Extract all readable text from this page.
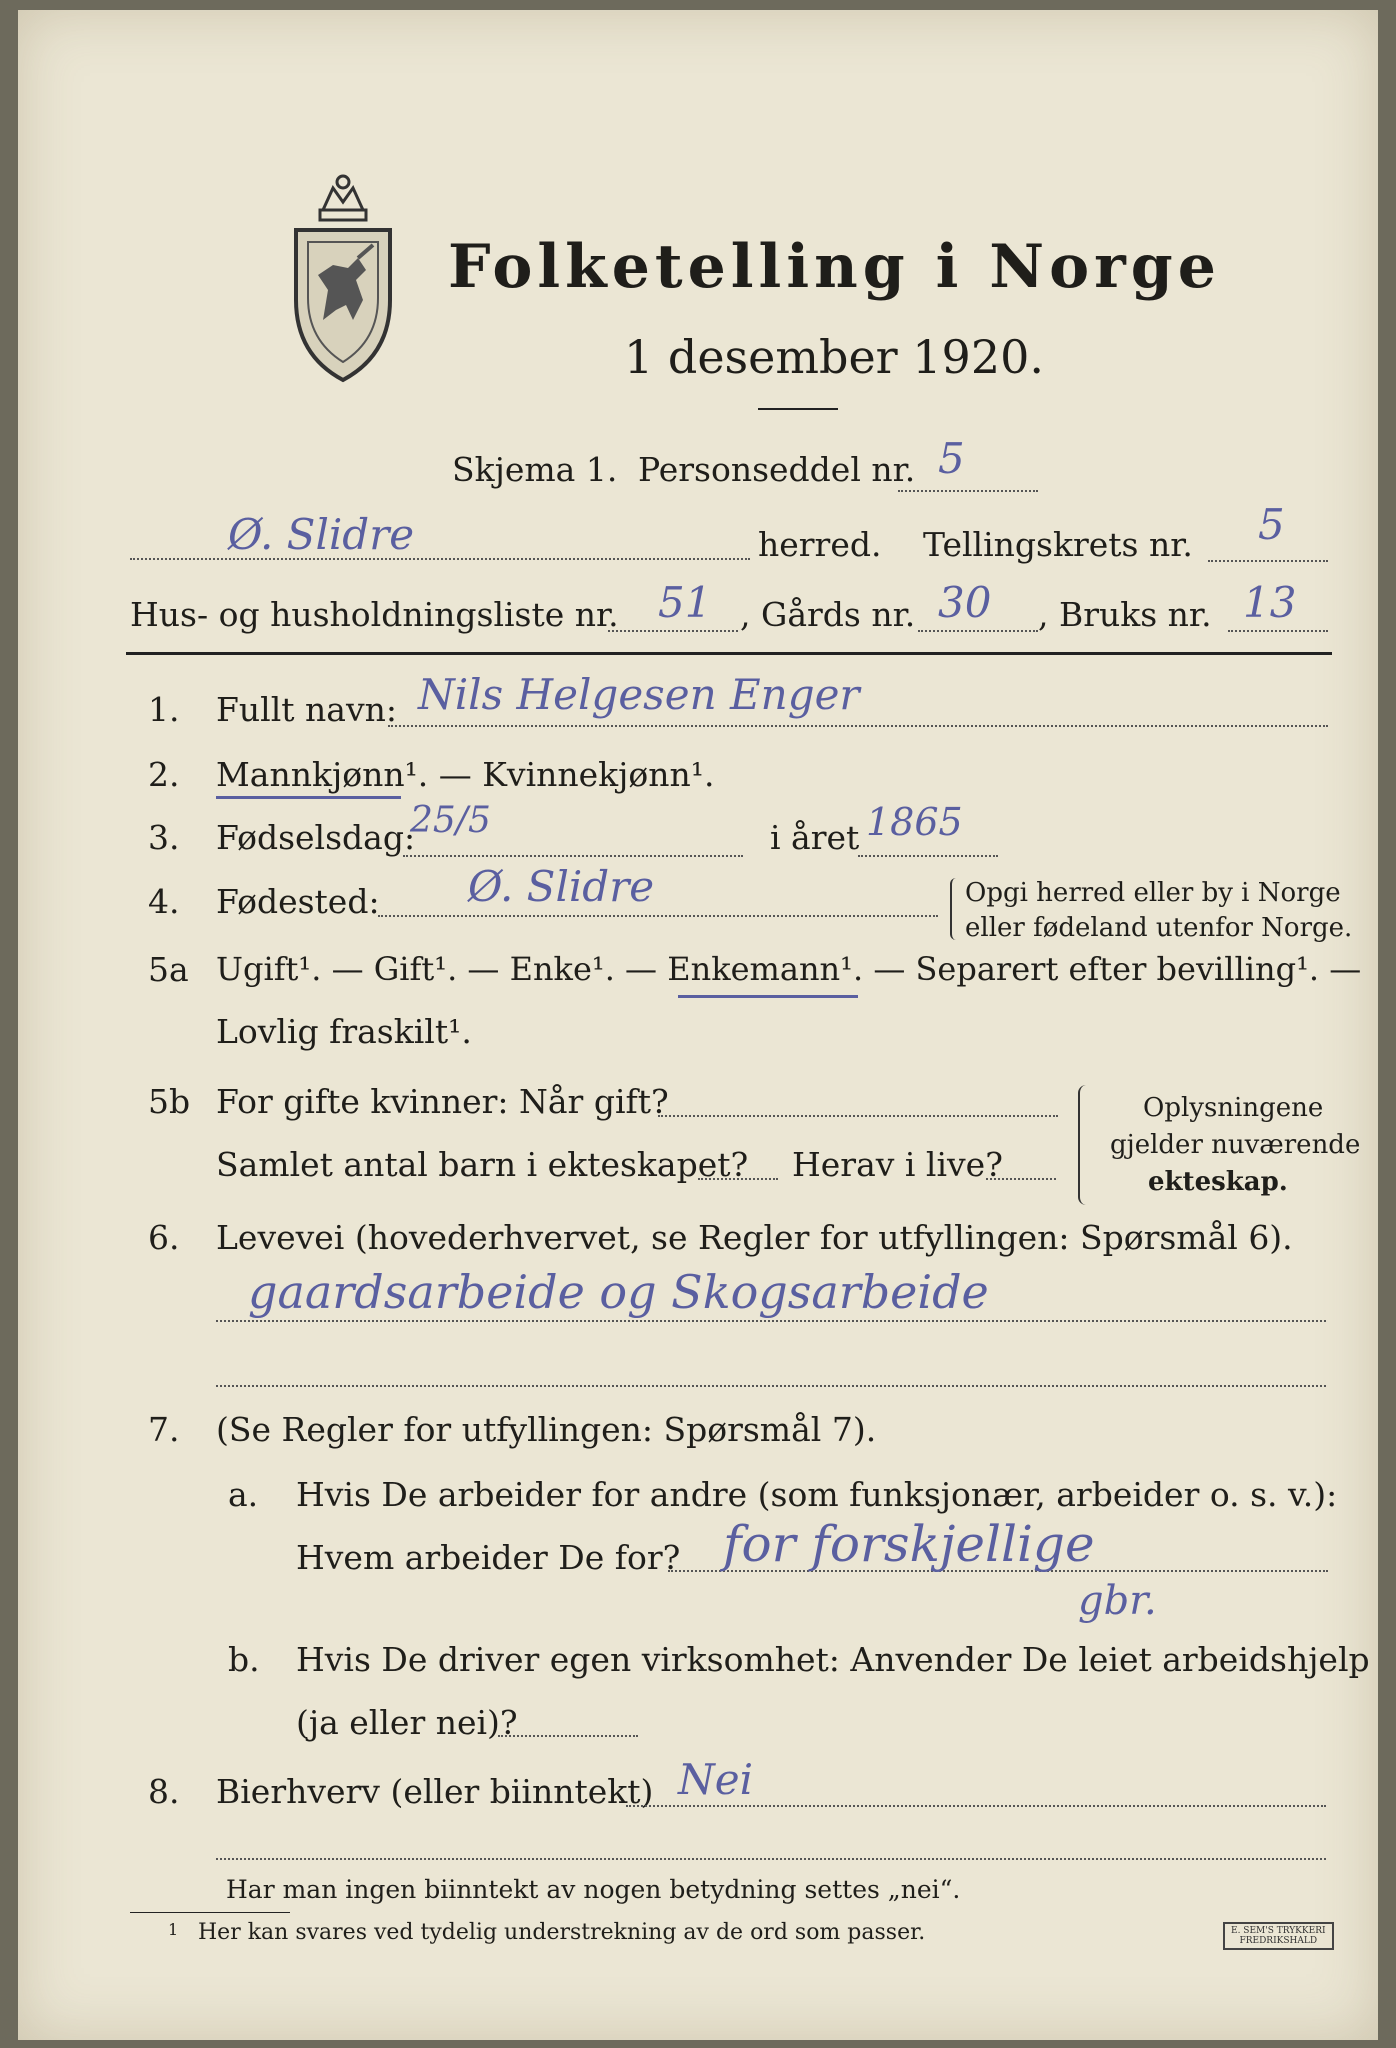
Folketelling i Norge
1 desember 1920.
Skjema 1. Personseddel nr. 5
Ø. Slidre	herred. Tellingskrets nr. 5
Hus- og husholdningsliste nr. 51 , Gårds nr. 30 , Bruks nr. 13
1. Fullt navn: Nils Helgesen Enger
2. Mannkjønn¹. — Kvinnekjønn¹.
3. Fødselsdag:
25/5	i året 1865
4. Fødested: Ø. Slidre	Opgi herred eller by i Norge
eller fødeland utenfor Norge.
5a Ugift¹. — Gift¹. — Enke¹. — Enkemann¹. — Separert efter bevilling¹. —
Lovlig fraskilt¹.
5b For gifte kvinner: Når gift?
Samlet antal barn i ekteskapet? Herav i live?
Oplysningene
gjelder nuværende
ekteskap.
6. Levevei (hovederhvervet, se Regler for utfyllingen: Spørsmål 6).
gaardsarbeide og Skogsarbeide
7. (Se Regler for utfyllingen: Spørsmål 7).
a. Hvis De arbeider for andre (som funksjonær, arbeider o. s. v.):
Hvem arbeider De for? for forskjellige
gbr.
b. Hvis De driver egen virksomhet: Anvender De leiet arbeidshjelp
(ja eller nei)?
8. Bierhverv (eller biinntekt) Nei
Har man ingen biinntekt av nogen betydning settes „nei“.
1 Her kan svares ved tydelig understrekning av de ord som passer.	E. SEM'S TRYKKERI
FREDRIKSHALD
